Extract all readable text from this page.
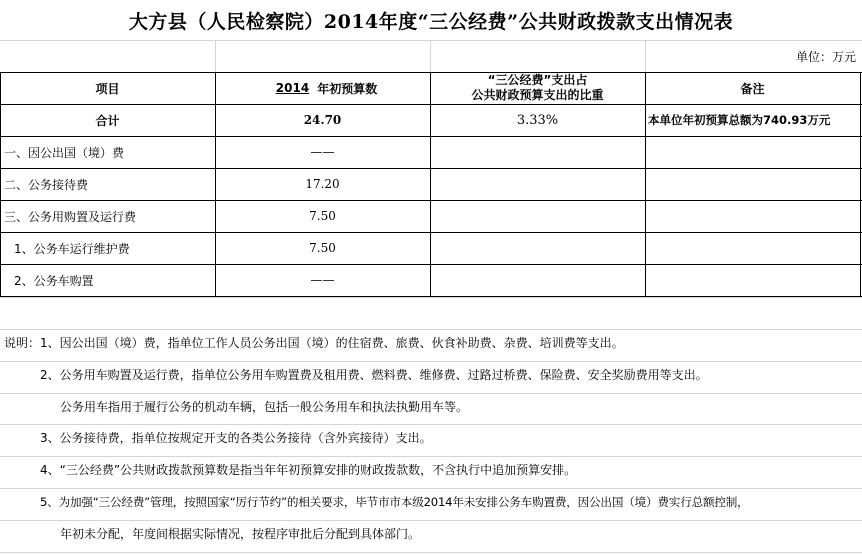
大方县（人民检察院）2014年度“三公经费”公共财政拨款支出情况表
单位：万元
项目	2014 年初预算数
“三公经费”支出占
公共财政预算支出的比重	备注
合计	24.70	3.33%	本单位年初预算总额为740.93万元
一、因公出国（境）费	——
二、公务接待费	17.20
三、公务用购置及运行费	7.50
1、公务车运行维护费	7.50
2、公务车购置	——
说明：1、因公出国（境）费，指单位工作人员公务出国（境）的住宿费、旅费、伙食补助费、杂费、培训费等支出。
2、公务用车购置及运行费，指单位公务用车购置费及租用费、燃料费、维修费、过路过桥费、保险费、安全奖励费用等支出。
公务用车指用于履行公务的机动车辆，包括一般公务用车和执法执勤用车等。
3、公务接待费，指单位按规定开支的各类公务接待（含外宾接待）支出。
4、“三公经费”公共财政拨款预算数是指当年年初预算安排的财政拨款数，不含执行中追加预算安排。
5、为加强“三公经费”管理，按照国家“厉行节约”的相关要求，毕节市市本级2014年未安排公务车购置费，因公出国（境）费实行总额控制，
年初未分配，年度间根据实际情况，按程序审批后分配到具体部门。
